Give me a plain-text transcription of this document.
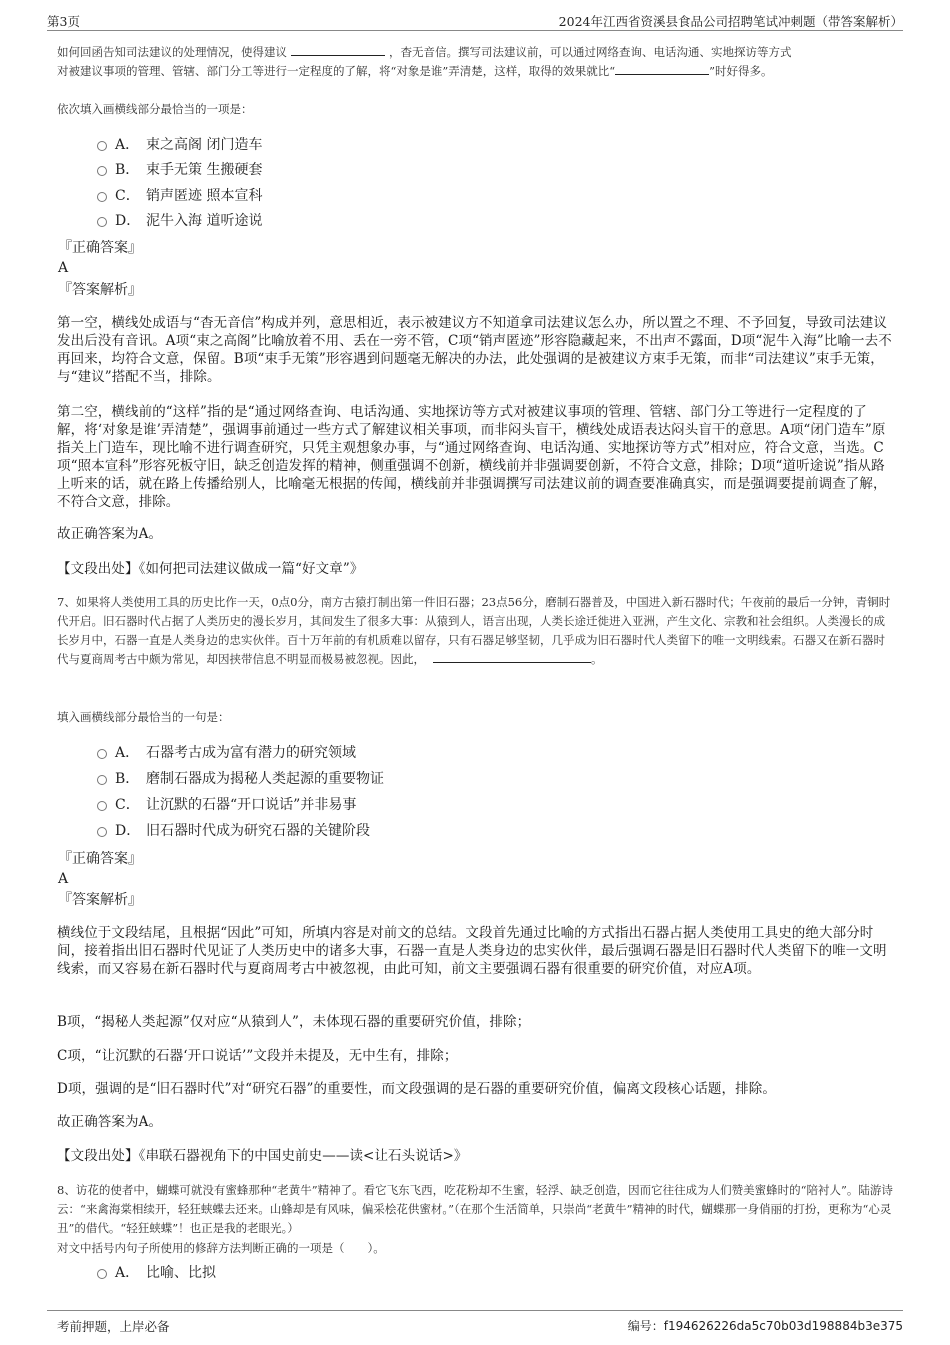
第3页	2024年江西省资溪县食品公司招聘笔试冲刺题（带答案解析）

如何回函告知司法建议的处理情况，使得建议	，杳无音信。撰写司法建议前，可以通过网络查询、电话沟通、实地探访等方式
对被建议事项的管理、管辖、部门分工等进行一定程度的了解，将“对象是谁”弄清楚，这样，取得的效果就比“	”时好得多。

依次填入画横线部分最恰当的一项是：

A． 束之高阁 闭门造车
B． 束手无策 生搬硬套
C． 销声匿迹 照本宣科
D． 泥牛入海 道听途说
『正确答案』
A
『答案解析』

第一空，横线处成语与“杳无音信”构成并列，意思相近，表示被建议方不知道拿司法建议怎么办，所以置之不理、不予回复，导致司法建议发出后没有音讯。A项“束之高阁”比喻放着不用、丢在一旁不管，C项“销声匿迹”形容隐藏起来，不出声不露面，D项“泥牛入海”比喻一去不再回来，均符合文意，保留。B项“束手无策”形容遇到问题毫无解决的办法，此处强调的是被建议方束手无策，而非“司法建议”束手无策，与“建议”搭配不当，排除。

第二空，横线前的“这样”指的是“通过网络查询、电话沟通、实地探访等方式对被建议事项的管理、管辖、部门分工等进行一定程度的了解，将‘对象是谁’弄清楚”，强调事前通过一些方式了解建议相关事项，而非闷头盲干，横线处成语表达闷头盲干的意思。A项“闭门造车”原指关上门造车，现比喻不进行调查研究，只凭主观想象办事，与“通过网络查询、电话沟通、实地探访等方式”相对应，符合文意，当选。C项“照本宣科”形容死板守旧，缺乏创造发挥的精神，侧重强调不创新，横线前并非强调要创新，不符合文意，排除；D项“道听途说”指从路上听来的话，就在路上传播给别人，比喻毫无根据的传闻，横线前并非强调撰写司法建议前的调查要准确真实，而是强调要提前调查了解，不符合文意，排除。

故正确答案为A。

【文段出处】《如何把司法建议做成一篇“好文章”》

7、如果将人类使用工具的历史比作一天，0点0分，南方古猿打制出第一件旧石器；23点56分，磨制石器普及，中国进入新石器时代；午夜前的最后一分钟，青铜时代开启。旧石器时代占据了人类历史的漫长岁月，其间发生了很多大事：从猿到人，语言出现，人类长途迁徙进入亚洲，产生文化、宗教和社会组织。人类漫长的成长岁月中，石器一直是人类身边的忠实伙伴。百十万年前的有机质难以留存，只有石器足够坚韧，几乎成为旧石器时代人类留下的唯一文明线索。石器又在新石器时代与夏商周考古中颇为常见，却因挟带信息不明显而极易被忽视。因此，	。

填入画横线部分最恰当的一句是：

A． 石器考古成为富有潜力的研究领域
B． 磨制石器成为揭秘人类起源的重要物证
C． 让沉默的石器“开口说话”并非易事
D． 旧石器时代成为研究石器的关键阶段
『正确答案』
A
『答案解析』

横线位于文段结尾，且根据“因此”可知，所填内容是对前文的总结。文段首先通过比喻的方式指出石器占据人类使用工具史的绝大部分时间，接着指出旧石器时代见证了人类历史中的诸多大事，石器一直是人类身边的忠实伙伴，最后强调石器是旧石器时代人类留下的唯一文明线索，而又容易在新石器时代与夏商周考古中被忽视，由此可知，前文主要强调石器有很重要的研究价值，对应A项。

B项，“揭秘人类起源”仅对应“从猿到人”，未体现石器的重要研究价值，排除；

C项，“让沉默的石器‘开口说话’”文段并未提及，无中生有，排除；

D项，强调的是“旧石器时代”对“研究石器”的重要性，而文段强调的是石器的重要研究价值，偏离文段核心话题，排除。

故正确答案为A。

【文段出处】《串联石器视角下的中国史前史——读<让石头说话>》

8、访花的使者中，蝴蝶可就没有蜜蜂那种“老黄牛”精神了。看它飞东飞西，吃花粉却不生蜜，轻浮、缺乏创造，因而它往往成为人们赞美蜜蜂时的“陪衬人”。陆游诗云：“来禽海棠相续开，轻狂蛱蝶去还来。山蜂却是有风味，偏采桧花供蜜材。”（在那个生活简单，只崇尚“老黄牛”精神的时代，蝴蝶那一身俏丽的打扮，更称为“心灵丑”的借代。“轻狂蛱蝶”！也正是我的老眼光。）

对文中括号内句子所使用的修辞方法判断正确的一项是（　　）。

A． 比喻、比拟
考前押题，上岸必备	编号：f194626226da5c70b03d198884b3e375
